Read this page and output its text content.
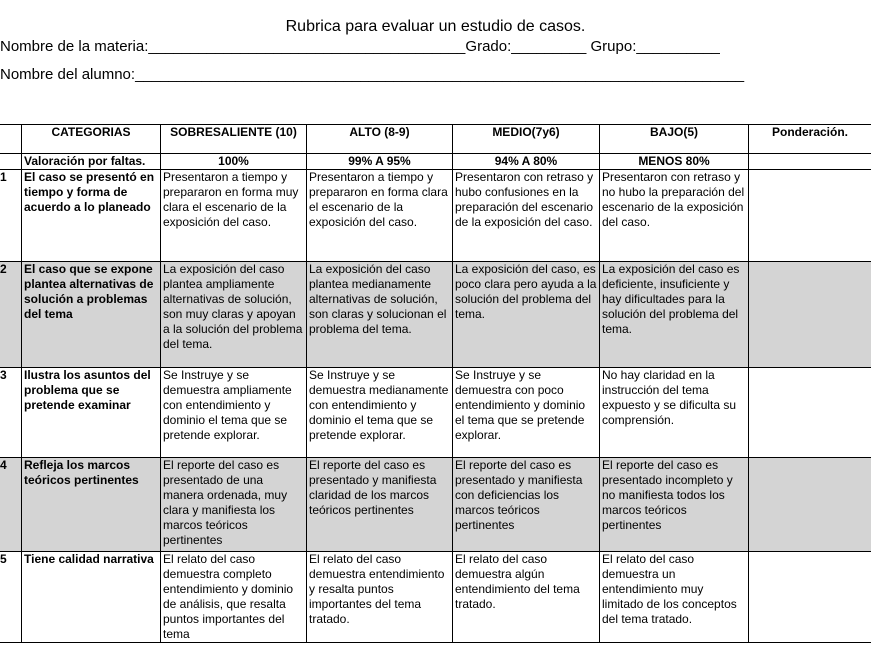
Rubrica para evaluar un estudio de casos.
Nombre de la materia:______________________________________Grado:_________ Grupo:__________
Nombre del alumno:_________________________________________________________________________
	CATEGORIAS	SOBRESALIENTE (10)	ALTO (8-9)	MEDIO(7y6)	BAJO(5)	Ponderación.
	Valoración por faltas.	100%	99% A 95%	94% A 80%	MENOS 80%	
1	El caso se presentó en tiempo y forma de acuerdo a lo planeado	Presentaron a tiempo y prepararon en forma muy clara el escenario de la exposición del caso.	Presentaron a tiempo y prepararon en forma clara el escenario de la exposición del caso.	Presentaron con retraso y hubo confusiones en la preparación del escenario de la exposición del caso.	Presentaron con retraso y no hubo la preparación del escenario de la exposición del caso.	
2	El caso que se expone plantea alternativas de solución a problemas del tema	La exposición del caso plantea ampliamente alternativas de solución, son muy claras y apoyan a la solución del problema del tema.	La exposición del caso plantea medianamente alternativas de solución, son claras y solucionan el problema del tema.	La exposición del caso, es poco clara pero ayuda a la solución del problema del tema.	La exposición del caso es deficiente, insuficiente y hay dificultades para la solución del problema del tema.	
3	Ilustra los asuntos del problema que se pretende examinar	Se Instruye y se demuestra ampliamente con entendimiento y dominio el tema que se pretende explorar.	Se Instruye y se demuestra medianamente con entendimiento y dominio el tema que se pretende explorar.	Se Instruye y se demuestra con poco entendimiento y dominio el tema que se pretende explorar.	No hay claridad en la instrucción del tema expuesto y se dificulta su comprensión.	
4	Refleja los marcos teóricos pertinentes	El reporte del caso es presentado de una manera ordenada, muy clara y manifiesta los marcos teóricos pertinentes	El reporte del caso es presentado y manifiesta claridad de los marcos teóricos pertinentes	El reporte del caso es presentado y manifiesta con deficiencias los marcos teóricos pertinentes	El reporte del caso es presentado incompleto y no manifiesta todos los marcos teóricos pertinentes	
5	Tiene calidad narrativa	El relato del caso demuestra completo entendimiento y dominio de análisis, que resalta puntos importantes del tema	El relato del caso demuestra entendimiento y resalta puntos importantes del tema tratado.	El relato del caso demuestra algún entendimiento del tema tratado.	El relato del caso demuestra un entendimiento muy limitado de los conceptos del tema tratado.	
